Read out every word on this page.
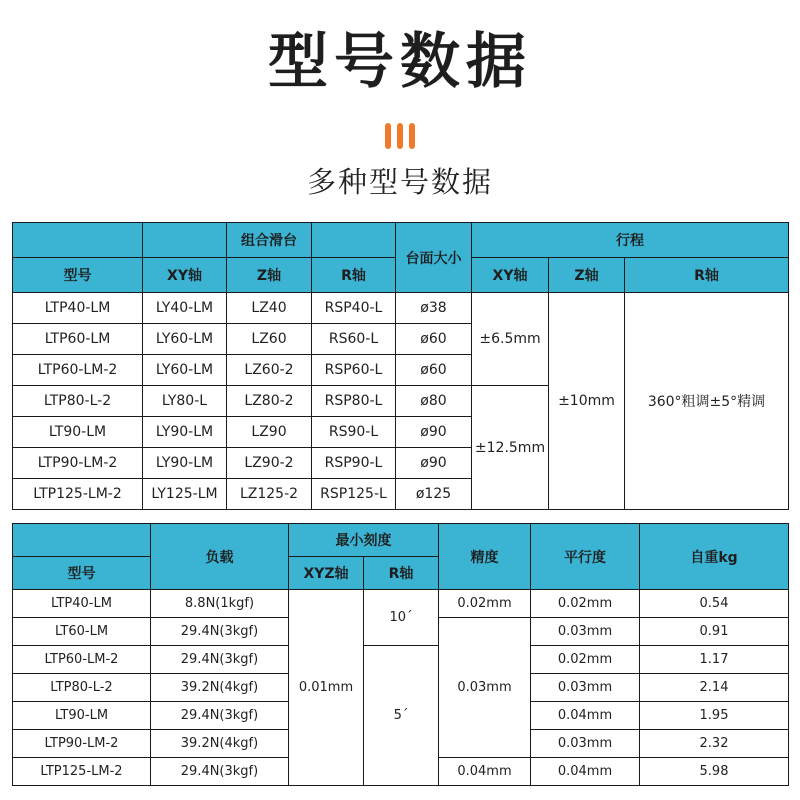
型号数据
多种型号数据
		组合滑台		台面大小	行程		
型号	XY轴	Z轴	R轴		XY轴	Z轴	R轴
LTP40-LM	LY40-LM	LZ40	RSP40-L	ø38	±6.5mm	±10mm	360°粗调±5°精调
LTP60-LM	LY60-LM	LZ60	RS60-L	ø60			
LTP60-LM-2	LY60-LM	LZ60-2	RSP60-L	ø60			
LTP80-L-2	LY80-L	LZ80-2	RSP80-L	ø80	±12.5mm		
LT90-LM	LY90-LM	LZ90	RS90-L	ø90			
LTP90-LM-2	LY90-LM	LZ90-2	RSP90-L	ø90			
LTP125-LM-2	LY125-LM	LZ125-2	RSP125-L	ø125			
	负载	最小刻度		精度	平行度	自重kg
型号		XYZ轴	R轴			
LTP40-LM	8.8N(1kgf)	0.01mm	10´	0.02mm	0.02mm	0.54
LT60-LM	29.4N(3kgf)			0.03mm	0.03mm	0.91
LTP60-LM-2	29.4N(3kgf)		5´		0.02mm	1.17
LTP80-L-2	39.2N(4kgf)				0.03mm	2.14
LT90-LM	29.4N(3kgf)				0.04mm	1.95
LTP90-LM-2	39.2N(4kgf)				0.03mm	2.32
LTP125-LM-2	29.4N(3kgf)			0.04mm	0.04mm	5.98
